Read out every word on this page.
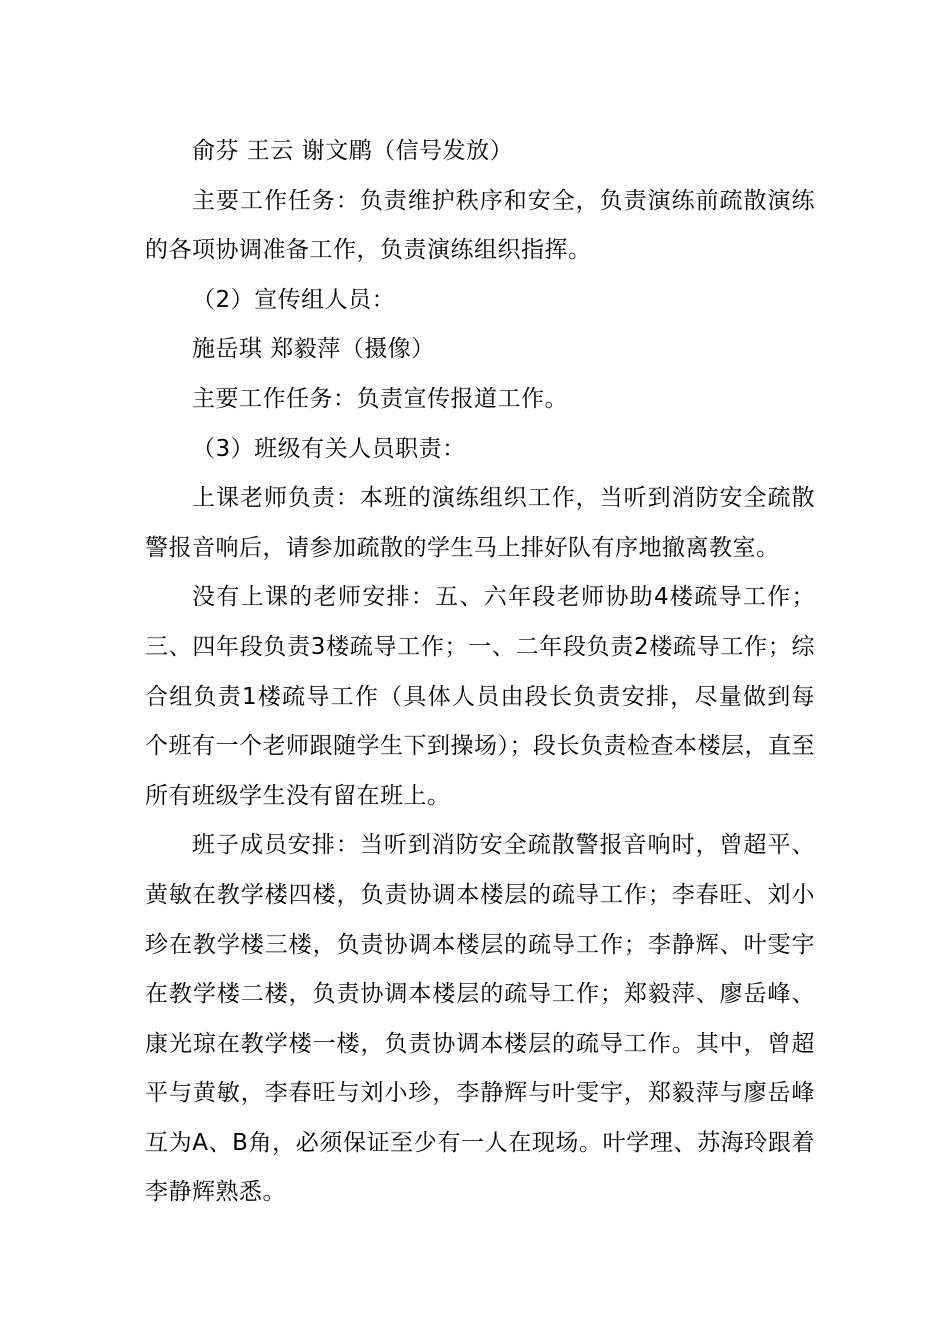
俞芬 王云 谢文鹛（信号发放）

主要工作任务：负责维护秩序和安全，负责演练前疏散演练的各项协调准备工作，负责演练组织指挥。

（2）宣传组人员：

施岳琪 郑毅萍（摄像）

主要工作任务：负责宣传报道工作。

（3）班级有关人员职责：

上课老师负责：本班的演练组织工作，当听到消防安全疏散警报音响后，请参加疏散的学生马上排好队有序地撤离教室。

没有上课的老师安排：五、六年段老师协助4楼疏导工作；三、四年段负责3楼疏导工作；一、二年段负责2楼疏导工作；综合组负责1楼疏导工作（具体人员由段长负责安排，尽量做到每个班有一个老师跟随学生下到操场）；段长负责检查本楼层，直至所有班级学生没有留在班上。

班子成员安排：当听到消防安全疏散警报音响时，曾超平、黄敏在教学楼四楼，负责协调本楼层的疏导工作；李春旺、刘小珍在教学楼三楼，负责协调本楼层的疏导工作；李静辉、叶雯宇在教学楼二楼，负责协调本楼层的疏导工作；郑毅萍、廖岳峰、康光琼在教学楼一楼，负责协调本楼层的疏导工作。其中，曾超平与黄敏，李春旺与刘小珍，李静辉与叶雯宇，郑毅萍与廖岳峰互为A、B角，必须保证至少有一人在现场。叶学理、苏海玲跟着李静辉熟悉。
